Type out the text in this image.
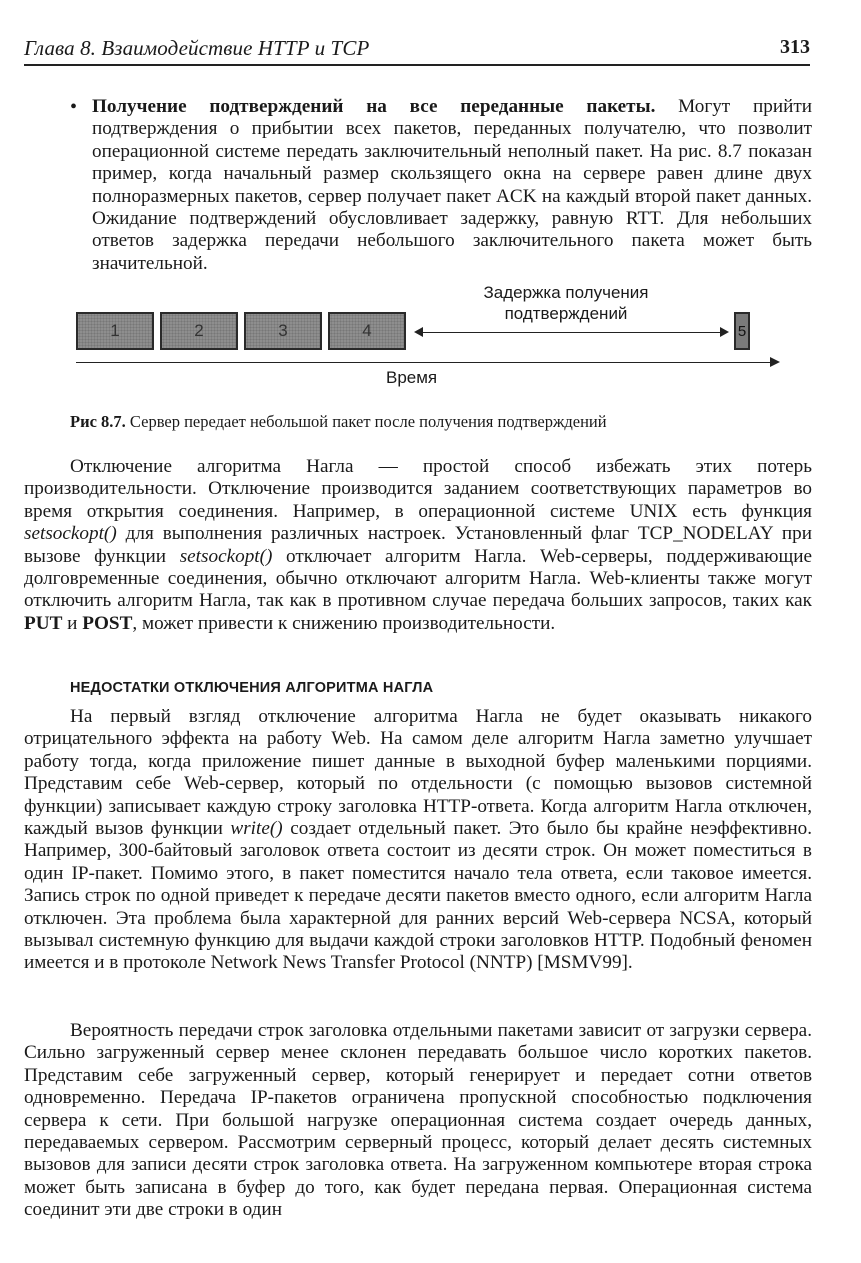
Глава 8. Взаимодействие HTTP и TCP	313
• Получение подтверждений на все переданные пакеты. Могут прийти подтверждения о прибытии всех пакетов, переданных получателю, что позволит операционной системе передать заключительный неполный пакет. На рис. 8.7 показан пример, когда начальный размер скользящего окна на сервере равен длине двух полноразмерных пакетов, сервер получает пакет ACK на каждый второй пакет данных. Ожидание подтверждений обусловливает задержку, равную RTT. Для небольших ответов задержка передачи небольшого заключительного пакета может быть значительной.
Задержка получения
подтверждений
1	2	3	4	5
Время
Рис 8.7. Сервер передает небольшой пакет после получения подтверждений
Отключение алгоритма Нагла — простой способ избежать этих потерь производительности. Отключение производится заданием соответствующих параметров во время открытия соединения. Например, в операционной системе UNIX есть функция setsockopt() для выполнения различных настроек. Установленный флаг TCP_NODELAY при вызове функции setsockopt() отключает алгоритм Нагла. Web-серверы, поддерживающие долговременные соединения, обычно отключают алгоритм Нагла. Web-клиенты также могут отключить алгоритм Нагла, так как в противном случае передача больших запросов, таких как PUT и POST, может привести к снижению производительности.
НЕДОСТАТКИ ОТКЛЮЧЕНИЯ АЛГОРИТМА НАГЛА
На первый взгляд отключение алгоритма Нагла не будет оказывать никакого отрицательного эффекта на работу Web. На самом деле алгоритм Нагла заметно улучшает работу тогда, когда приложение пишет данные в выходной буфер маленькими порциями. Представим себе Web-сервер, который по отдельности (с помощью вызовов системной функции) записывает каждую строку заголовка HTTP-ответа. Когда алгоритм Нагла отключен, каждый вызов функции write() создает отдельный пакет. Это было бы крайне неэффективно. Например, 300-байтовый заголовок ответа состоит из десяти строк. Он может поместиться в один IP-пакет. Помимо этого, в пакет поместится начало тела ответа, если таковое имеется. Запись строк по одной приведет к передаче десяти пакетов вместо одного, если алгоритм Нагла отключен. Эта проблема была характерной для ранних версий Web-сервера NCSA, который вызывал системную функцию для выдачи каждой строки заголовков HTTP. Подобный феномен имеется и в протоколе Network News Transfer Protocol (NNTP) [MSMV99].
Вероятность передачи строк заголовка отдельными пакетами зависит от загрузки сервера. Сильно загруженный сервер менее склонен передавать большое число коротких пакетов. Представим себе загруженный сервер, который генерирует и передает сотни ответов одновременно. Передача IP-пакетов ограничена пропускной способностью подключения сервера к сети. При большой нагрузке операционная система создает очередь данных, передаваемых сервером. Рассмотрим серверный процесс, который делает десять системных вызовов для записи десяти строк заголовка ответа. На загруженном компьютере вторая строка может быть записана в буфер до того, как будет передана первая. Операционная система соединит эти две строки в один
